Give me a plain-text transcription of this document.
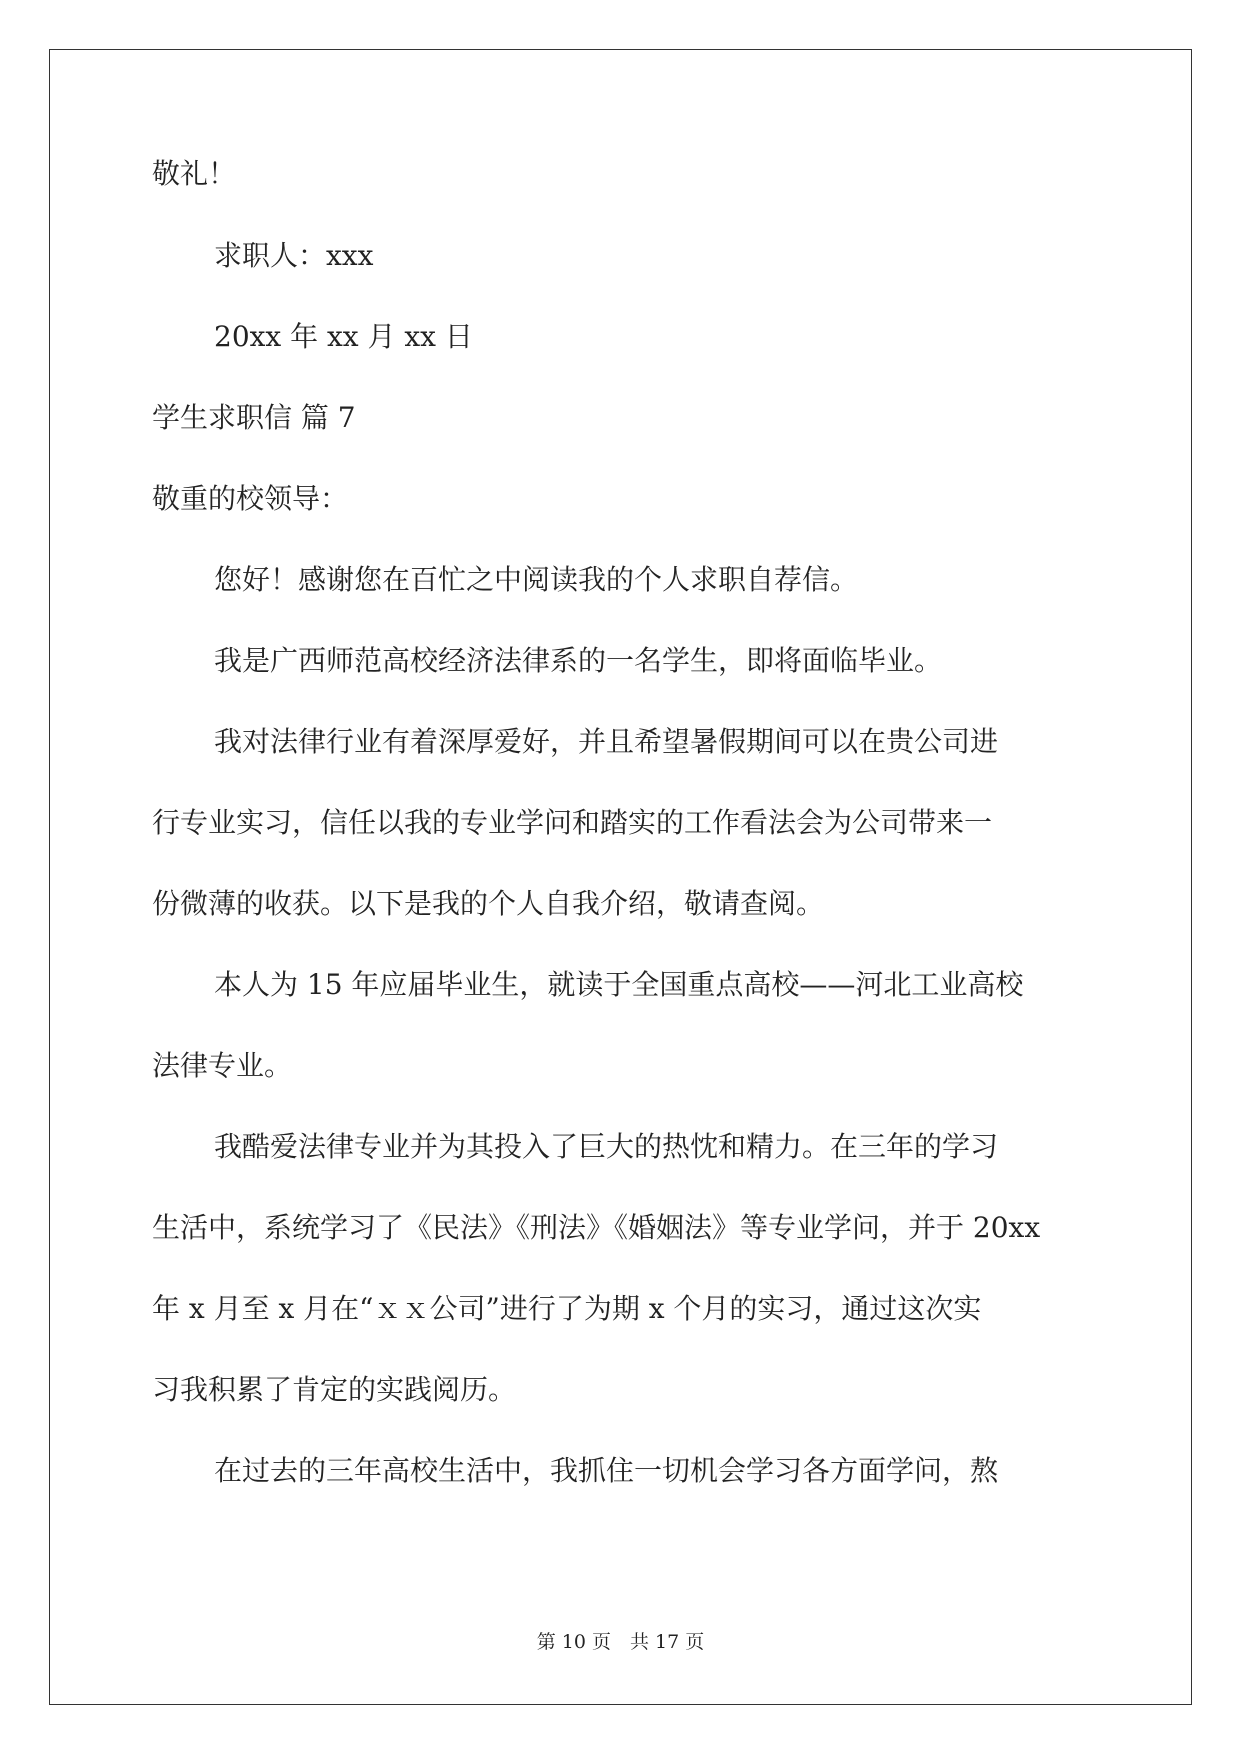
敬礼！
求职人：xxx
20xx 年 xx 月 xx 日
学生求职信 篇 7
敬重的校领导：
您好！感谢您在百忙之中阅读我的个人求职自荐信。
我是广西师范高校经济法律系的一名学生，即将面临毕业。
我对法律行业有着深厚爱好，并且希望暑假期间可以在贵公司进
行专业实习，信任以我的专业学问和踏实的工作看法会为公司带来一
份微薄的收获。以下是我的个人自我介绍，敬请查阅。
本人为 15 年应届毕业生，就读于全国重点高校——河北工业高校
法律专业。
我酷爱法律专业并为其投入了巨大的热忱和精力。在三年的学习
生活中，系统学习了《民法》《刑法》《婚姻法》等专业学问，并于 20xx
年 x 月至 x 月在“ｘｘ公司”进行了为期 x 个月的实习，通过这次实
习我积累了肯定的实践阅历。
在过去的三年高校生活中，我抓住一切机会学习各方面学问，熬
第 10 页　共 17 页
